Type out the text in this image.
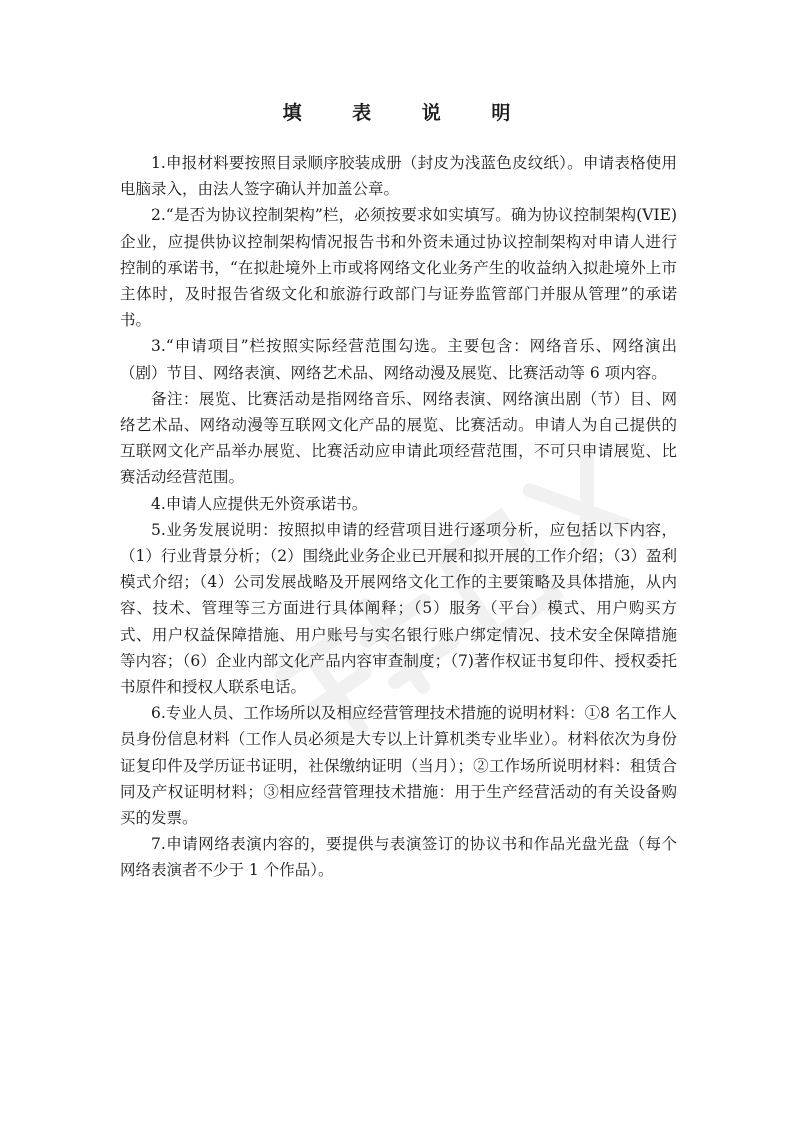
填 表 说 明

1.申报材料要按照目录顺序胶装成册（封皮为浅蓝色皮纹纸）。申请表格使用电脑录入，由法人签字确认并加盖公章。

2.“是否为协议控制架构”栏，必须按要求如实填写。确为协议控制架构(VIE)企业，应提供协议控制架构情况报告书和外资未通过协议控制架构对申请人进行控制的承诺书，“在拟赴境外上市或将网络文化业务产生的收益纳入拟赴境外上市主体时，及时报告省级文化和旅游行政部门与证券监管部门并服从管理”的承诺书。

3.“申请项目”栏按照实际经营范围勾选。主要包含：网络音乐、网络演出（剧）节目、网络表演、网络艺术品、网络动漫及展览、比赛活动等 6 项内容。

备注：展览、比赛活动是指网络音乐、网络表演、网络演出剧（节）目、网络艺术品、网络动漫等互联网文化产品的展览、比赛活动。申请人为自己提供的互联网文化产品举办展览、比赛活动应申请此项经营范围，不可只申请展览、比赛活动经营范围。

4.申请人应提供无外资承诺书。

5.业务发展说明：按照拟申请的经营项目进行逐项分析，应包括以下内容，（1）行业背景分析；（2）围绕此业务企业已开展和拟开展的工作介绍；（3）盈利模式介绍；（4）公司发展战略及开展网络文化工作的主要策略及具体措施，从内容、技术、管理等三方面进行具体阐释；（5）服务（平台）模式、用户购买方式、用户权益保障措施、用户账号与实名银行账户绑定情况、技术安全保障措施等内容；（6）企业内部文化产品内容审查制度；（7)著作权证书复印件、授权委托书原件和授权人联系电话。

6.专业人员、工作场所以及相应经营管理技术措施的说明材料：①8 名工作人员身份信息材料（工作人员必须是大专以上计算机类专业毕业）。材料依次为身份证复印件及学历证书证明，社保缴纳证明（当月）；②工作场所说明材料：租赁合同及产权证明材料；③相应经营管理技术措施：用于生产经营活动的有关设备购买的发票。

7.申请网络表演内容的，要提供与表演签订的协议书和作品光盘光盘（每个网络表演者不少于 1 个作品）。
